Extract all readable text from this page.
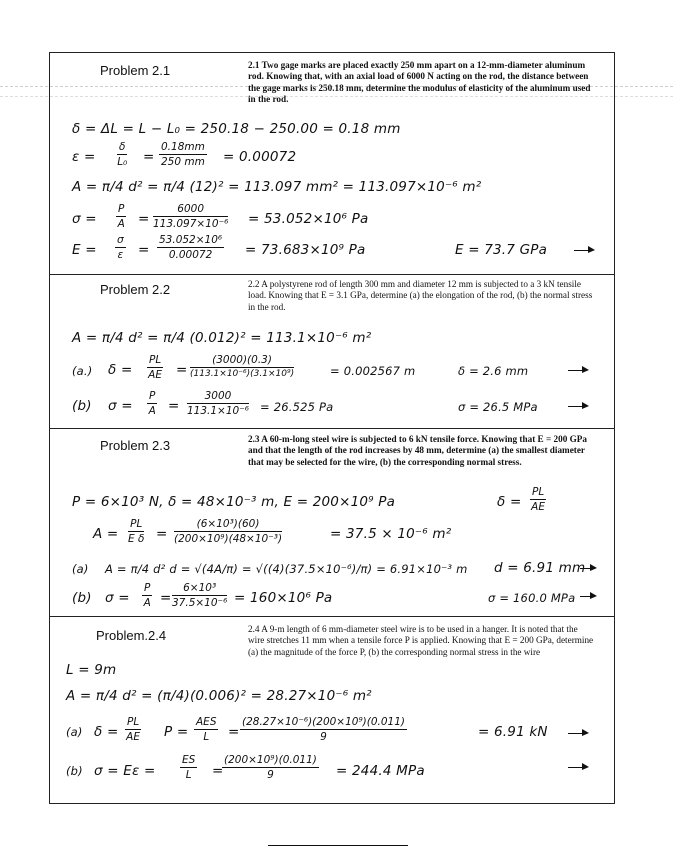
Problem 2.1	2.1 Two gage marks are placed exactly 250 mm apart on a 12-mm-diameter aluminum rod. Knowing that, with an axial load of 6000 N acting on the rod, the distance between the gage marks is 250.18 mm, determine the modulus of elasticity of the aluminum used in the rod.
δ = ΔL = L − L₀ = 250.18 − 250.00 = 0.18 mm
$\varepsilon = \frac{\delta}{\text{L₀}} = \frac{0.18mm}{250 mm} = 0.00072$
A = π/4 d² = π/4 (12)² = 113.097 mm² = 113.097×10⁻⁶ m²
$\sigma = \frac{P}{A} = \frac{6000}{\text{113.097×10⁻⁶}} = 53.052\times 10^6$ Pa
$E = \frac{\sigma}{\varepsilon} = \frac{\text{53.052×10⁶}}{0.00072} = 73.683\times 10^9$ Pa	E = 73.7 GPa
Problem 2.2	2.2 A polystyrene rod of length 300 mm and diameter 12 mm is subjected to a 3 kN tensile load. Knowing that E = 3.1 GPa, determine (a) the elongation of the rod, (b) the normal stress in the rod.
A = π/4 d² = π/4 (0.012)² = 113.1×10⁻⁶ m²
(a.) $\delta = \frac{PL}{AE} = \frac{(3000)(0.3)}{\text{(113.1×10⁻⁶)(3.1×10⁹)}}$	= 0.002567 m	δ = 2.6 mm
(b) $\sigma = \frac{P}{A} = \frac{3000}{\text{113.1×10⁻⁶}} = 26.525$ Pa	σ = 26.5 MPa
Problem 2.3	2.3 A 60-m-long steel wire is subjected to 6 kN tensile force. Knowing that E = 200 GPa and that the length of the rod increases by 48 mm, determine (a) the smallest diameter that may be selected for the wire, (b) the corresponding normal stress.
P = 6×10³ N, δ = 48×10⁻³ m, E = 200×10⁹ Pa	$\delta = \frac{PL}{AE}$
$A = \frac{PL}{\text{E δ}} = \frac{\text{(6×10³)(60)}}{\text{(200×10⁹)(48×10⁻³)}}$	= 37.5 × 10⁻⁶ m²
(a) A = π/4 d² d = √(4A/π) = √((4)(37.5×10⁻⁶)/π) = 6.91×10⁻³ m d = 6.91 mm
(b) $\sigma = \frac{P}{A} = \frac{\text{6×10³}}{\text{37.5×10⁻⁶}} = 160\times 10^6$ Pa	σ = 160.0 MPa
Problem.2.4	2.4 A 9-m length of 6 mm-diameter steel wire is to be used in a hanger. It is noted that the wire stretches 11 mm when a tensile force P is applied. Knowing that E = 200 GPa, determine (a) the magnitude of the force P, (b) the corresponding normal stress in the wire
L = 9m
A = π/4 d² = (π/4)(0.006)² = 28.27×10⁻⁶ m²
(a) $\delta = \frac{PL}{AE}$ P =
AES
L	= $\frac{\text{(28.27×10⁻⁶)(200×10⁹)(0.011)}}{9}$	= 6.91 kN
(b) $\sigma = E\varepsilon = \frac{ES}{L}$ =
$\frac{\text{(200×10⁹)(0.011)}}{9} = 244.4$ MPa
